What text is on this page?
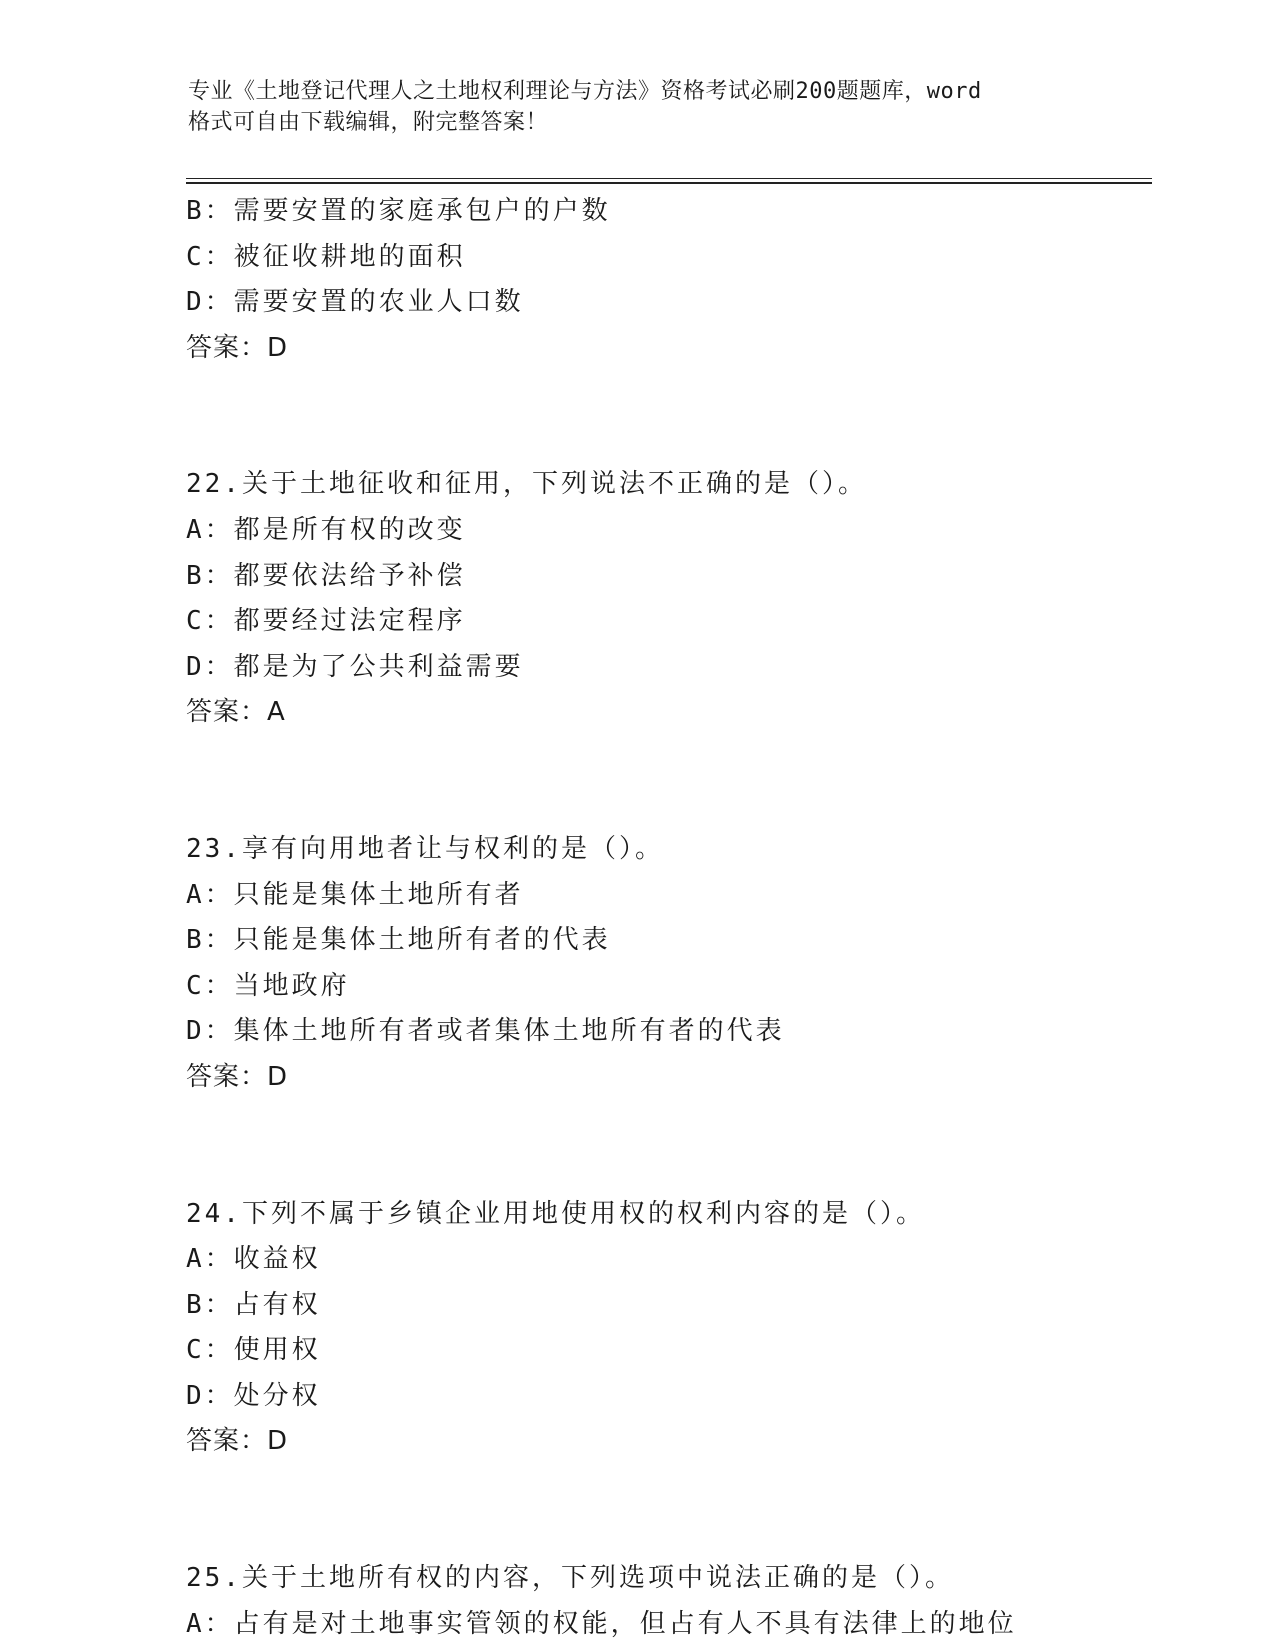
专业《土地登记代理人之土地权利理论与方法》资格考试必刷200题题库，word
格式可自由下载编辑，附完整答案！
B：需要安置的家庭承包户的户数
C：被征收耕地的面积
D：需要安置的农业人口数
答案：D
22.关于土地征收和征用，下列说法不正确的是（）。
A：都是所有权的改变
B：都要依法给予补偿
C：都要经过法定程序
D：都是为了公共利益需要
答案：A
23.享有向用地者让与权利的是（）。
A：只能是集体土地所有者
B：只能是集体土地所有者的代表
C：当地政府
D：集体土地所有者或者集体土地所有者的代表
答案：D
24.下列不属于乡镇企业用地使用权的权利内容的是（）。
A：收益权
B：占有权
C：使用权
D：处分权
答案：D
25.关于土地所有权的内容，下列选项中说法正确的是（）。
A：占有是对土地事实管领的权能，但占有人不具有法律上的地位
